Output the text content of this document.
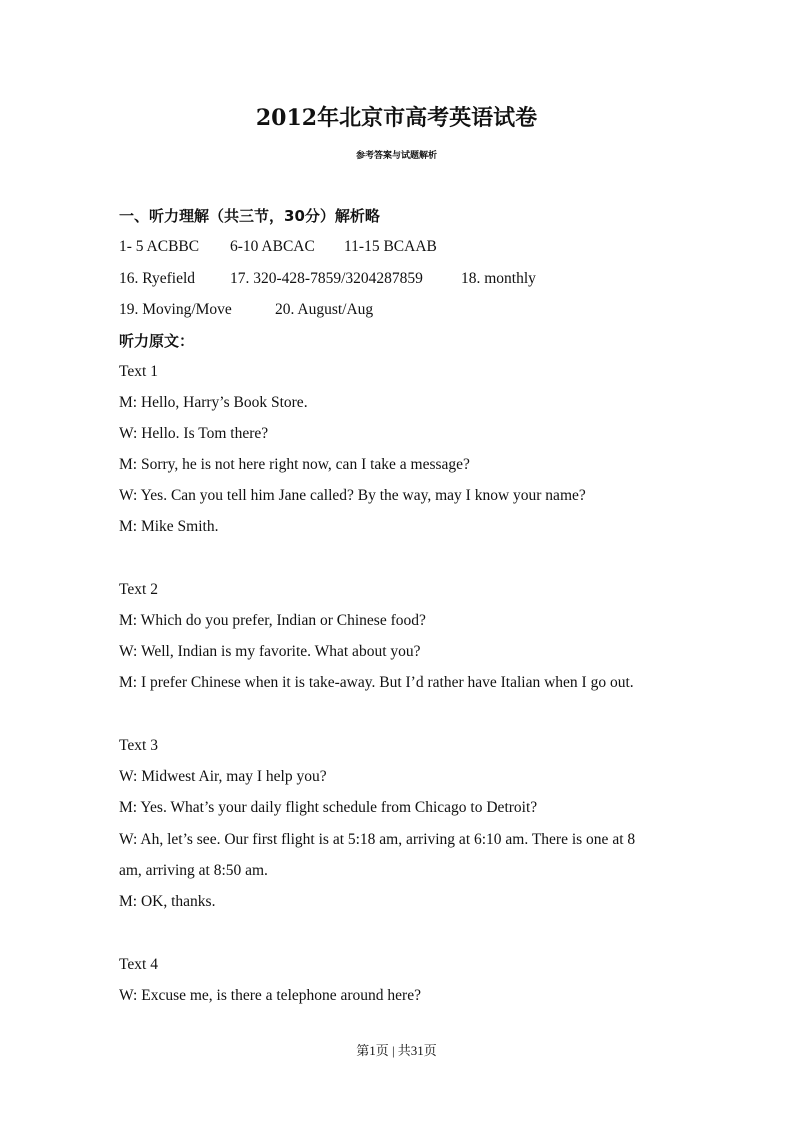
2012年北京市高考英语试卷
参考答案与试题解析
一、听力理解（共三节，30分）解析略
1- 5 ACBBC 6-10 ABCAC 11-15 BCAAB
16. Ryefield 17. 320-428-7859/3204287859 18. monthly
19. Moving/Move	20. August/Aug
听力原文：
Text 1
M: Hello, Harry’s Book Store.
W: Hello. Is Tom there?
M: Sorry, he is not here right now, can I take a message?
W: Yes. Can you tell him Jane called? By the way, may I know your name?
M: Mike Smith.
Text 2
M: Which do you prefer, Indian or Chinese food?
W: Well, Indian is my favorite. What about you?
M: I prefer Chinese when it is take-away. But I’d rather have Italian when I go out.
Text 3
W: Midwest Air, may I help you?
M: Yes. What’s your daily flight schedule from Chicago to Detroit?
W: Ah, let’s see. Our first flight is at 5:18 am, arriving at 6:10 am. There is one at 8
am, arriving at 8:50 am.
M: OK, thanks.
Text 4
W: Excuse me, is there a telephone around here?
第1页 | 共31页
